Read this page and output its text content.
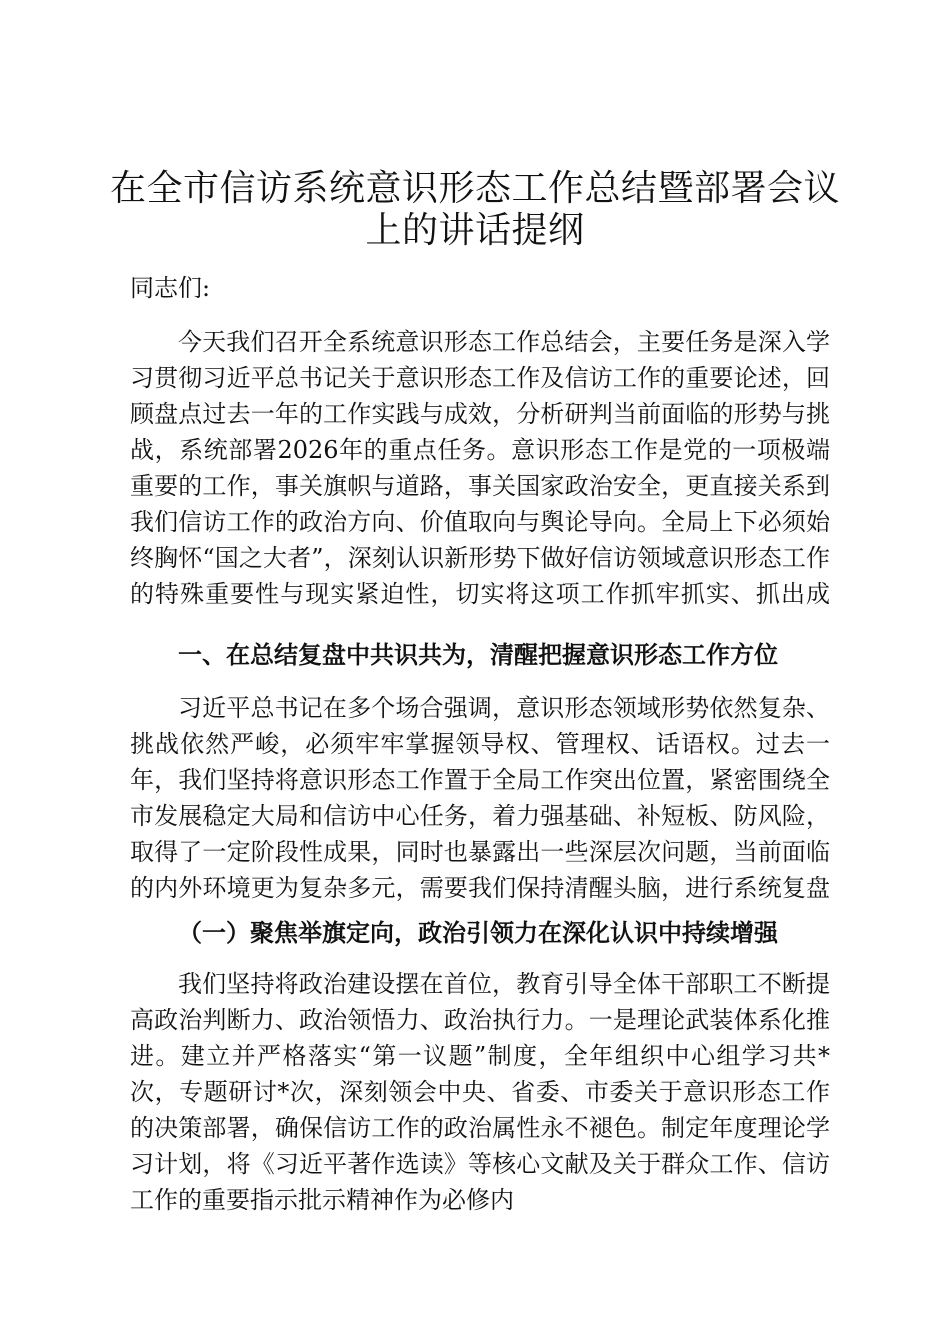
在全市信访系统意识形态工作总结暨部署会议上的讲话提纲

同志们:

今天我们召开全系统意识形态工作总结会，主要任务是深入学习贯彻习近平总书记关于意识形态工作及信访工作的重要论述，回顾盘点过去一年的工作实践与成效，分析研判当前面临的形势与挑战，系统部署2026年的重点任务。意识形态工作是党的一项极端重要的工作，事关旗帜与道路，事关国家政治安全，更直接关系到我们信访工作的政治方向、价值取向与舆论导向。全局上下必须始终胸怀“国之大者”，深刻认识新形势下做好信访领域意识形态工作的特殊重要性与现实紧迫性，切实将这项工作抓牢抓实、抓出成

一、在总结复盘中共识共为，清醒把握意识形态工作方位

习近平总书记在多个场合强调，意识形态领域形势依然复杂、挑战依然严峻，必须牢牢掌握领导权、管理权、话语权。过去一年，我们坚持将意识形态工作置于全局工作突出位置，紧密围绕全市发展稳定大局和信访中心任务，着力强基础、补短板、防风险，取得了一定阶段性成果，同时也暴露出一些深层次问题，当前面临的内外环境更为复杂多元，需要我们保持清醒头脑，进行系统复盘

（一）聚焦举旗定向，政治引领力在深化认识中持续增强

我们坚持将政治建设摆在首位，教育引导全体干部职工不断提高政治判断力、政治领悟力、政治执行力。一是理论武装体系化推进。建立并严格落实“第一议题”制度，全年组织中心组学习共*次，专题研讨*次，深刻领会中央、省委、市委关于意识形态工作的决策部署，确保信访工作的政治属性永不褪色。制定年度理论学习计划，将《习近平著作选读》等核心文献及关于群众工作、信访工作的重要指示批示精神作为必修内
